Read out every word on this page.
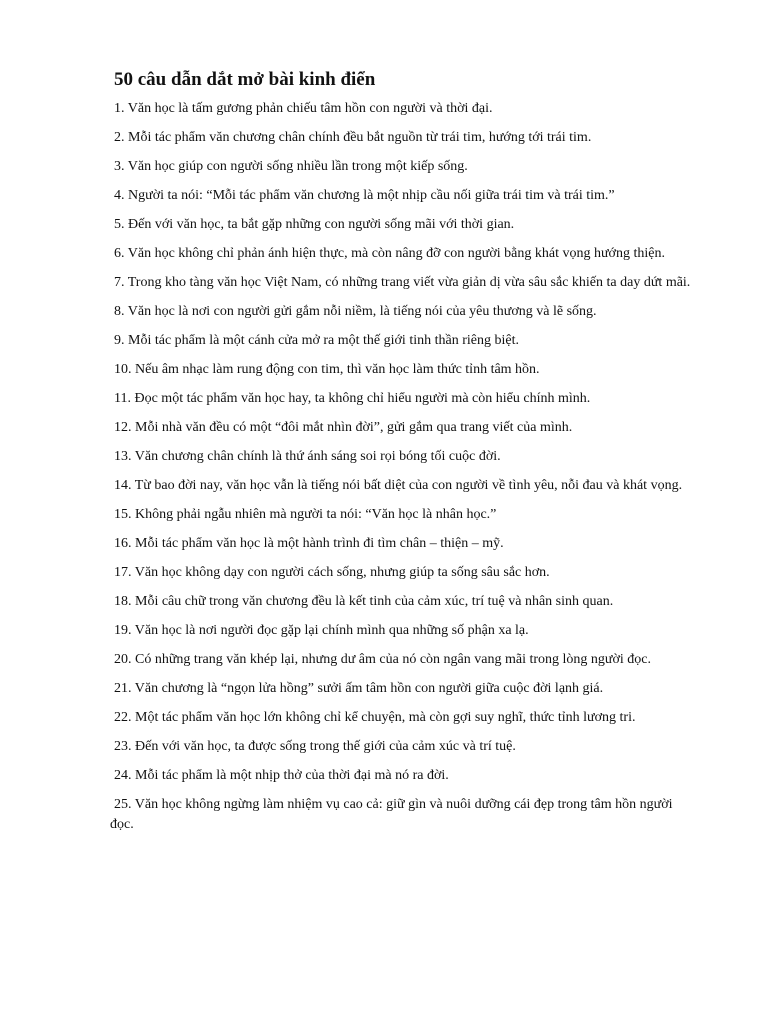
50 câu dẫn dắt mở bài kinh điển
1. Văn học là tấm gương phản chiếu tâm hồn con người và thời đại.
2. Mỗi tác phẩm văn chương chân chính đều bắt nguồn từ trái tim, hướng tới trái tim.
3. Văn học giúp con người sống nhiều lần trong một kiếp sống.
4. Người ta nói: “Mỗi tác phẩm văn chương là một nhịp cầu nối giữa trái tim và trái tim.”
5. Đến với văn học, ta bắt gặp những con người sống mãi với thời gian.
6. Văn học không chỉ phản ánh hiện thực, mà còn nâng đỡ con người bằng khát vọng hướng thiện.
7. Trong kho tàng văn học Việt Nam, có những trang viết vừa giản dị vừa sâu sắc khiến ta day dứt mãi.
8. Văn học là nơi con người gửi gắm nỗi niềm, là tiếng nói của yêu thương và lẽ sống.
9. Mỗi tác phẩm là một cánh cửa mở ra một thế giới tinh thần riêng biệt.
10. Nếu âm nhạc làm rung động con tim, thì văn học làm thức tỉnh tâm hồn.
11. Đọc một tác phẩm văn học hay, ta không chỉ hiểu người mà còn hiểu chính mình.
12. Mỗi nhà văn đều có một “đôi mắt nhìn đời”, gửi gắm qua trang viết của mình.
13. Văn chương chân chính là thứ ánh sáng soi rọi bóng tối cuộc đời.
14. Từ bao đời nay, văn học vẫn là tiếng nói bất diệt của con người về tình yêu, nỗi đau và khát vọng.
15. Không phải ngẫu nhiên mà người ta nói: “Văn học là nhân học.”
16. Mỗi tác phẩm văn học là một hành trình đi tìm chân – thiện – mỹ.
17. Văn học không dạy con người cách sống, nhưng giúp ta sống sâu sắc hơn.
18. Mỗi câu chữ trong văn chương đều là kết tinh của cảm xúc, trí tuệ và nhân sinh quan.
19. Văn học là nơi người đọc gặp lại chính mình qua những số phận xa lạ.
20. Có những trang văn khép lại, nhưng dư âm của nó còn ngân vang mãi trong lòng người đọc.
21. Văn chương là “ngọn lửa hồng” sưởi ấm tâm hồn con người giữa cuộc đời lạnh giá.
22. Một tác phẩm văn học lớn không chỉ kể chuyện, mà còn gợi suy nghĩ, thức tỉnh lương tri.
23. Đến với văn học, ta được sống trong thế giới của cảm xúc và trí tuệ.
24. Mỗi tác phẩm là một nhịp thở của thời đại mà nó ra đời.
25. Văn học không ngừng làm nhiệm vụ cao cả: giữ gìn và nuôi dưỡng cái đẹp trong tâm hồn người đọc.
